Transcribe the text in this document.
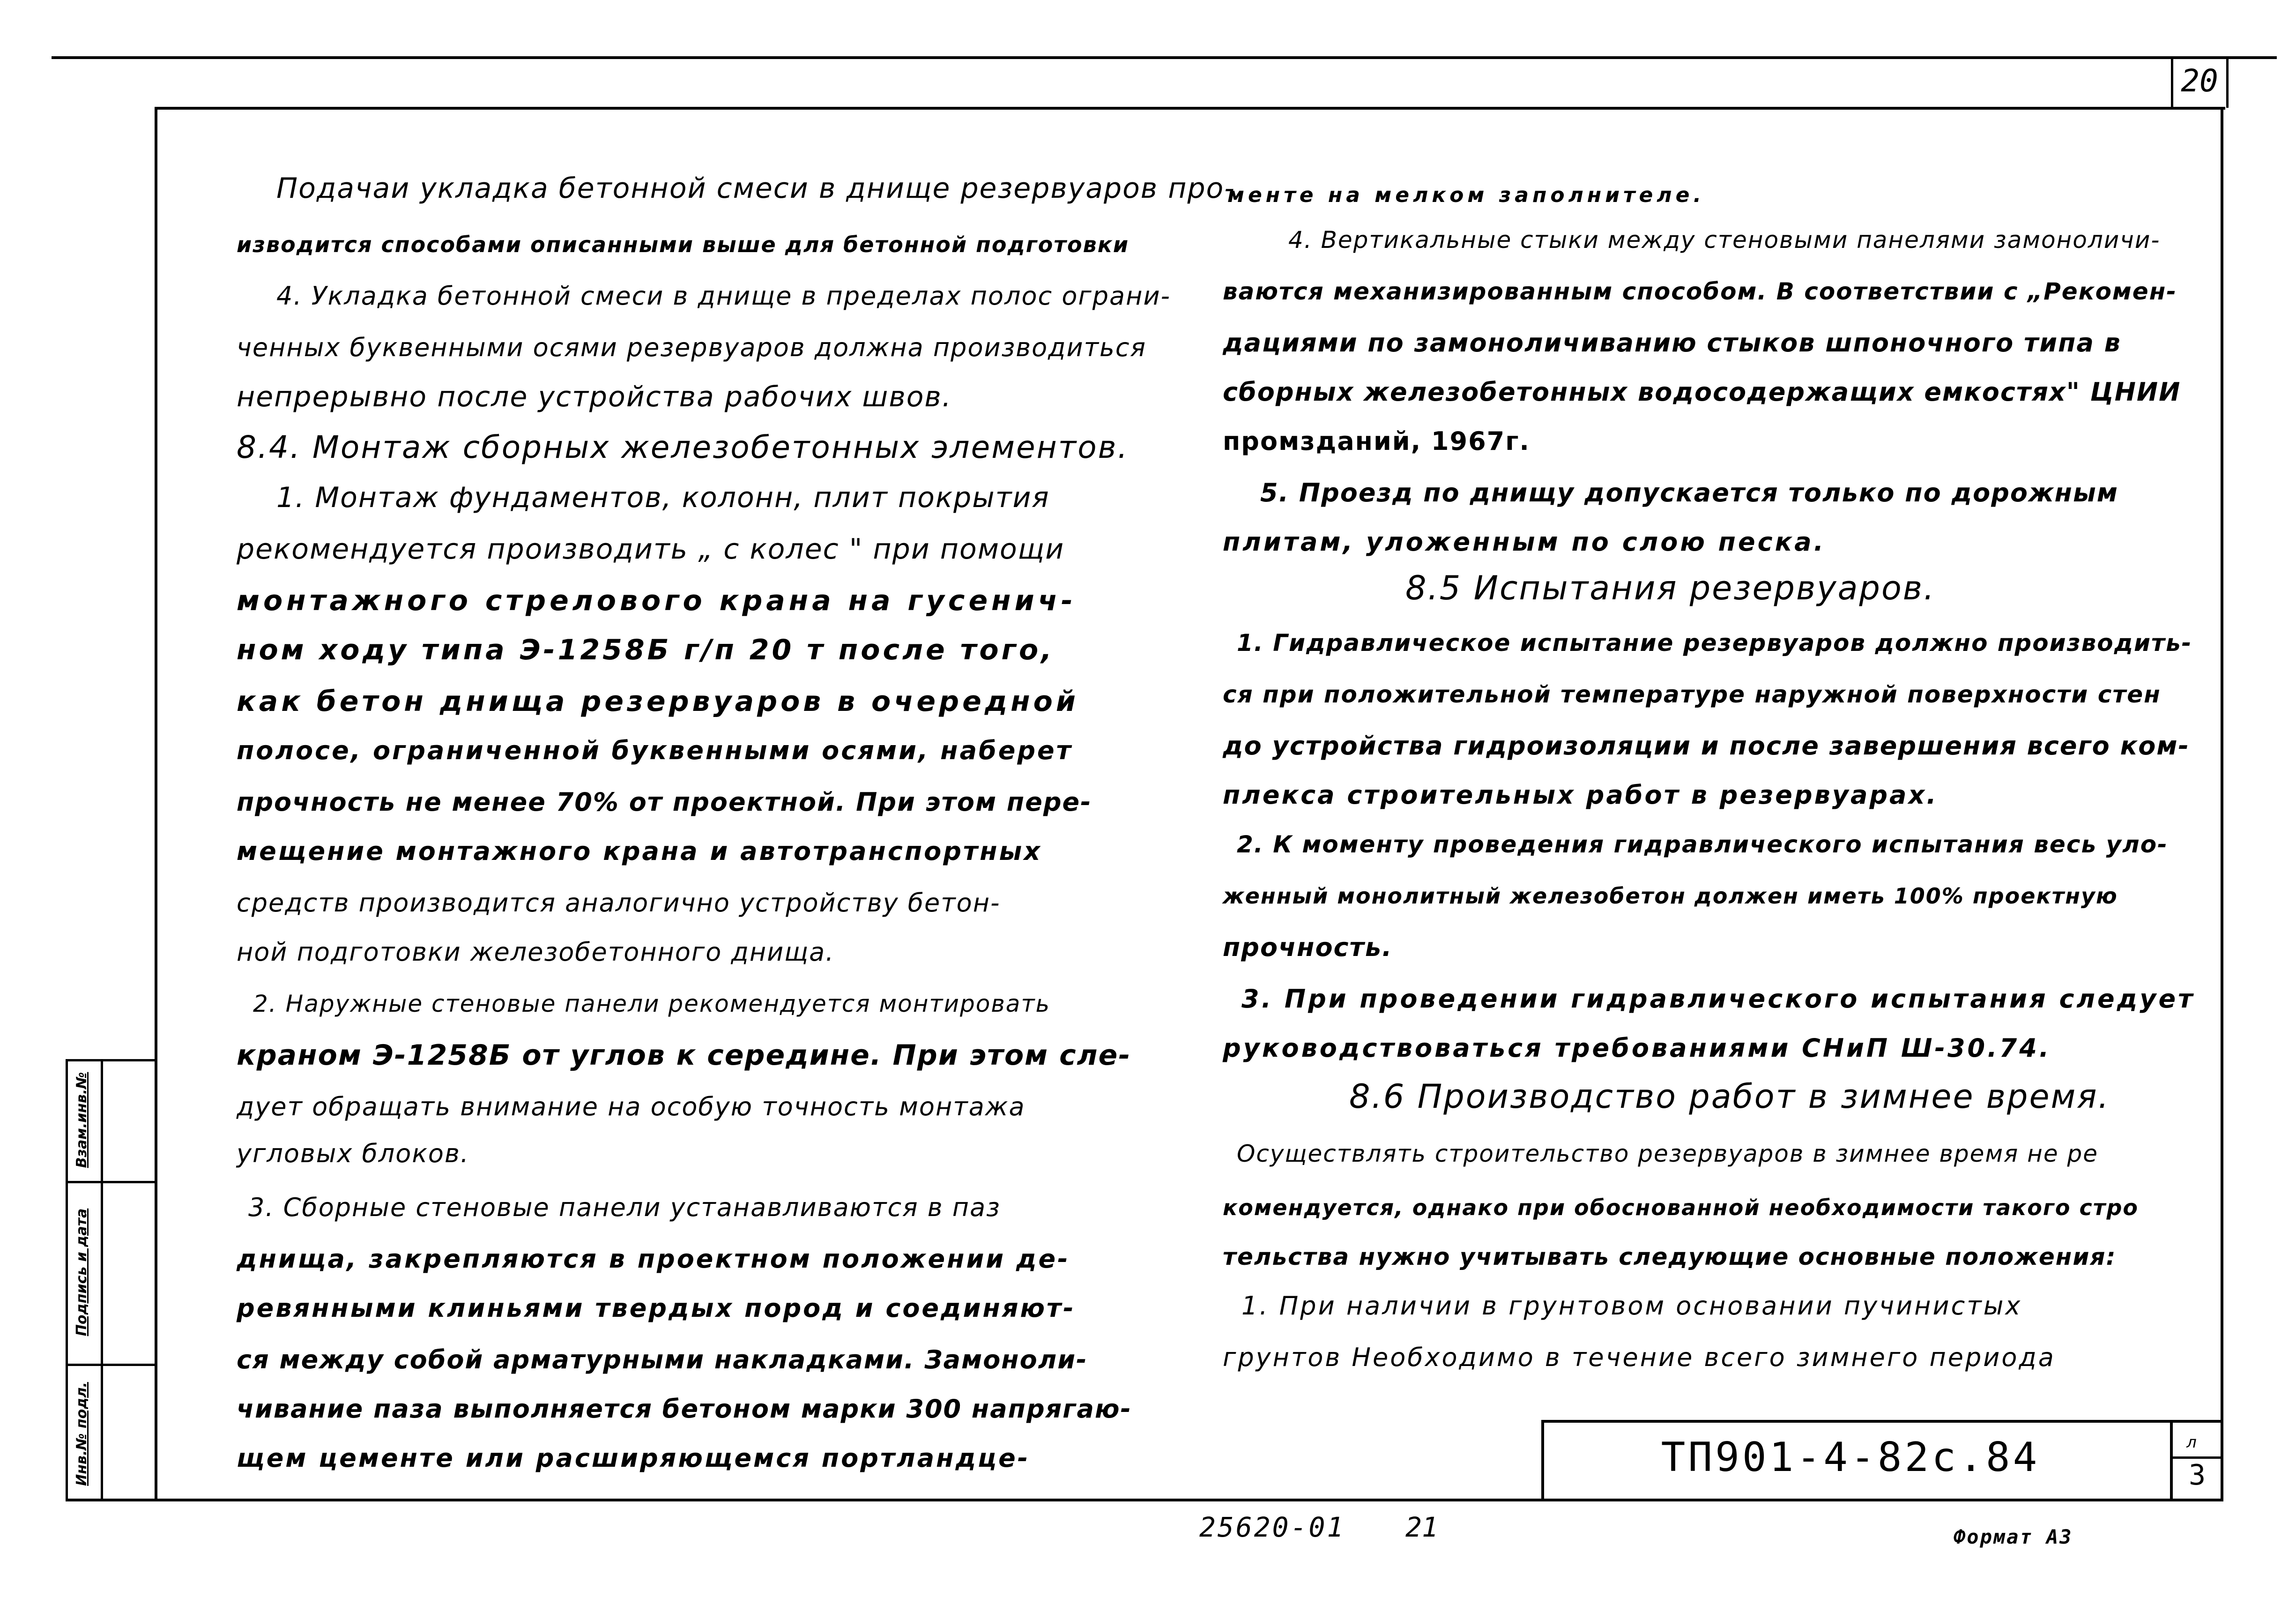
20
Взам.инв.№
Подпись и дата
Инв.№ подл.
Подачаи укладка бетонной смеси в днище резервуаров про-
изводится способами описанными выше для бетонной подготовки
4. Укладка бетонной смеси в днище в пределах полос ограни-
ченных буквенными осями резервуаров должна производиться
непрерывно после устройства рабочих швов.
8.4. Монтаж сборных железобетонных элементов.
1. Монтаж фундаментов, колонн, плит покрытия
рекомендуется производить „ с колес " при помощи
монтажного стрелового крана на гусенич-
ном ходу типа Э-1258Б г/п 20 т после того,
как бетон днища резервуаров в очередной
полосе, ограниченной буквенными осями, наберет
прочность не менее 70% от проектной. При этом пере-
мещение монтажного крана и автотранспортных
средств производится аналогично устройству бетон-
ной подготовки железобетонного днища.
2. Наружные стеновые панели рекомендуется монтировать
краном Э-1258Б от углов к середине. При этом сле-
дует обращать внимание на особую точность монтажа
угловых блоков.
3. Сборные стеновые панели устанавливаются в паз
днища, закрепляются в проектном положении де-
ревянными клиньями твердых пород и соединяют-
ся между собой арматурными накладками. Замоноли-
чивание паза выполняется бетоном марки 300 напрягаю-
щем цементе или расширяющемся портландце-
менте на мелком заполнителе.
4. Вертикальные стыки между стеновыми панелями замоноличи-
ваются механизированным способом. В соответствии с „Рекомен-
дациями по замоноличиванию стыков шпоночного типа в
сборных железобетонных водосодержащих емкостях" ЦНИИ
промзданий, 1967г.
5. Проезд по днищу допускается только по дорожным
плитам, уложенным по слою песка.
8.5 Испытания резервуаров.
1. Гидравлическое испытание резервуаров должно производить-
ся при положительной температуре наружной поверхности стен
до устройства гидроизоляции и после завершения всего ком-
плекса строительных работ в резервуарах.
2. К моменту проведения гидравлического испытания весь уло-
женный монолитный железобетон должен иметь 100% проектную
прочность.
3. При проведении гидравлического испытания следует
руководствоваться требованиями СНиП Ш-30.74.
8.6 Производство работ в зимнее время.
Осуществлять строительство резервуаров в зимнее время не ре
комендуется, однако при обоснованной необходимости такого стро
тельства нужно учитывать следующие основные положения:
1. При наличии в грунтовом основании пучинистых
грунтов Необходимо в течение всего зимнего периода
ТП901-4-82с.84	л
3
25620-01 21	Формат А3
